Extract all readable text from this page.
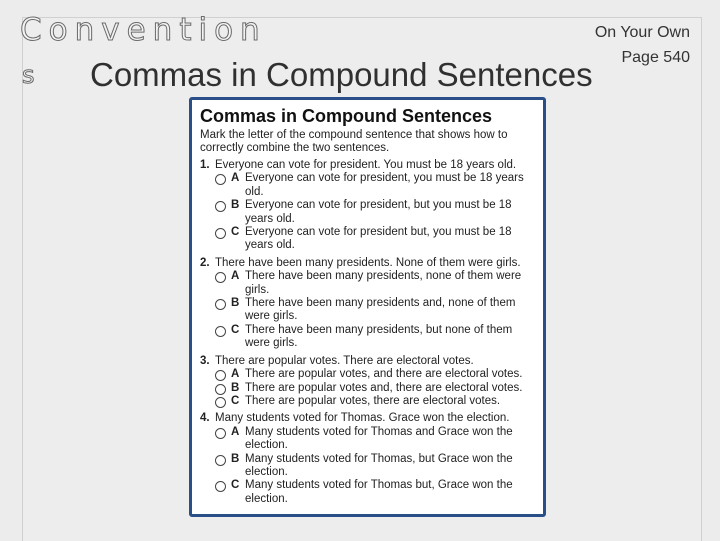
Convention
s Commas in Compound Sentences
On Your Own
Page 540
Commas in Compound Sentences
Mark the letter of the compound sentence that shows how to correctly combine the two sentences.
1. Everyone can vote for president. You must be 18 years old.
A Everyone can vote for president, you must be 18 years old.
B Everyone can vote for president, but you must be 18 years old.
C Everyone can vote for president but, you must be 18 years old.
2. There have been many presidents. None of them were girls.
A There have been many presidents, none of them were girls.
B There have been many presidents and, none of them were girls.
C There have been many presidents, but none of them were girls.
3. There are popular votes. There are electoral votes.
A There are popular votes, and there are electoral votes.
B There are popular votes and, there are electoral votes.
C There are popular votes, there are electoral votes.
4. Many students voted for Thomas. Grace won the election.
A Many students voted for Thomas and Grace won the election.
B Many students voted for Thomas, but Grace won the election.
C Many students voted for Thomas but, Grace won the election.
